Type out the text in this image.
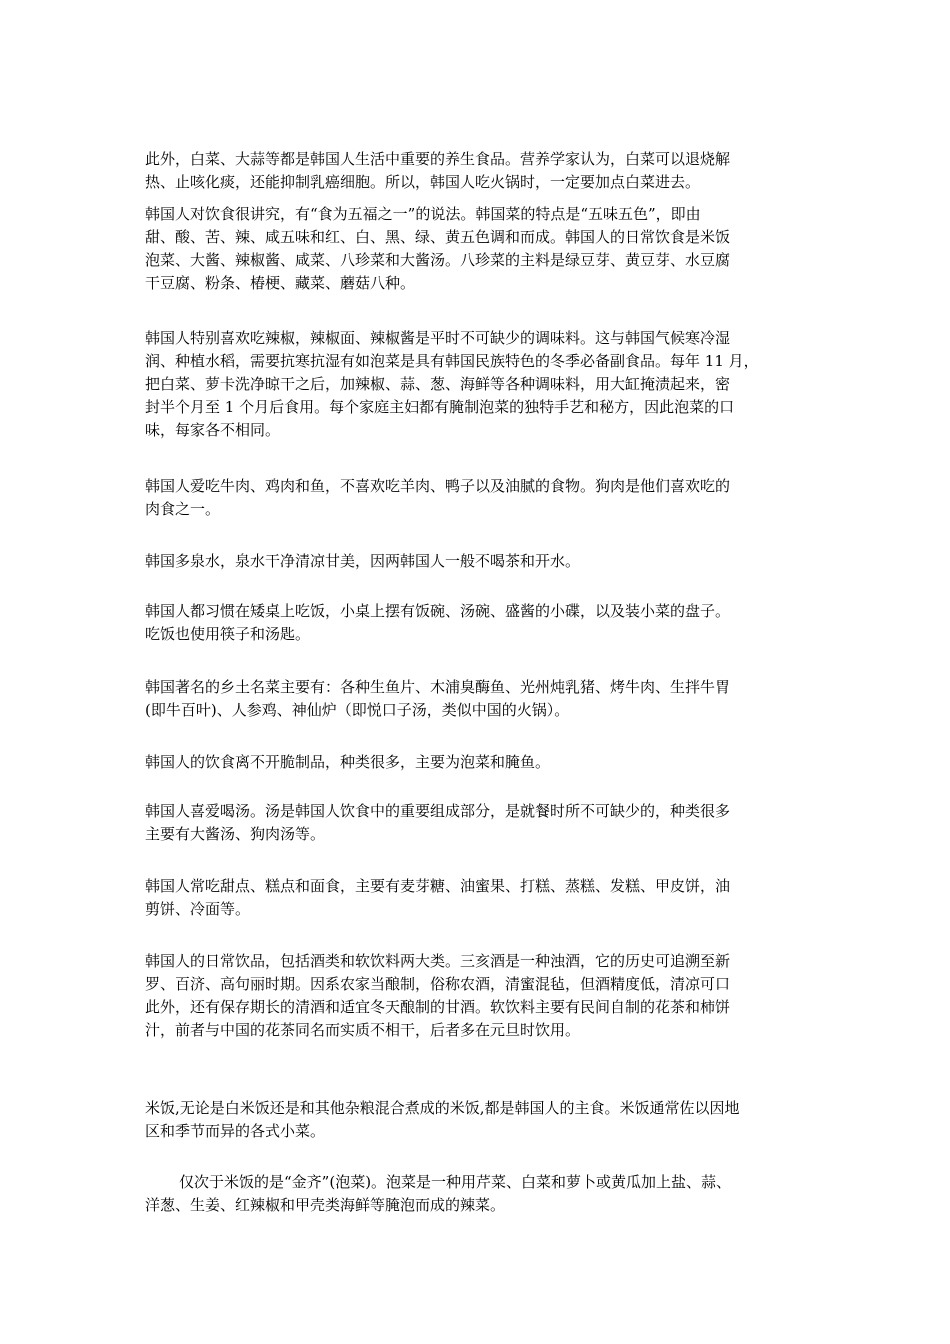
此外，白菜、大蒜等都是韩国人生活中重要的养生食品。营养学家认为，白菜可以退烧解
热、止咳化痰，还能抑制乳癌细胞。所以，韩国人吃火锅时，一定要加点白菜进去。

韩国人对饮食很讲究，有“食为五福之一”的说法。韩国菜的特点是“五味五色”，即由
甜、酸、苦、辣、咸五味和红、白、黑、绿、黄五色调和而成。韩国人的日常饮食是米饭
泡菜、大酱、辣椒酱、咸菜、八珍菜和大酱汤。八珍菜的主料是绿豆芽、黄豆芽、水豆腐
干豆腐、粉条、椿梗、藏菜、蘑菇八种。

韩国人特别喜欢吃辣椒，辣椒面、辣椒酱是平时不可缺少的调味料。这与韩国气候寒冷湿
润、种植水稻，需要抗寒抗湿有如泡菜是具有韩国民族特色的冬季必备副食品。每年 11 月，
把白菜、萝卡洗净晾干之后，加辣椒、蒜、葱、海鲜等各种调味料，用大缸掩渍起来，密
封半个月至 1 个月后食用。每个家庭主妇都有腌制泡菜的独特手艺和秘方，因此泡菜的口
味，每家各不相同。

韩国人爱吃牛肉、鸡肉和鱼，不喜欢吃羊肉、鸭子以及油腻的食物。狗肉是他们喜欢吃的
肉食之一。

韩国多泉水，泉水干净清凉甘美，因两韩国人一般不喝茶和开水。

韩国人都习惯在矮桌上吃饭，小桌上摆有饭碗、汤碗、盛酱的小碟，以及装小菜的盘子。
吃饭也使用筷子和汤匙。

韩国著名的乡土名菜主要有：各种生鱼片、木浦臭酶鱼、光州炖乳猪、烤牛肉、生拌牛胃
(即牛百叶)、人参鸡、神仙炉（即悦口子汤，类似中国的火锅）。

韩国人的饮食离不开脆制品，种类很多，主要为泡菜和腌鱼。

韩国人喜爱喝汤。汤是韩国人饮食中的重要组成部分，是就餐时所不可缺少的，种类很多
主要有大酱汤、狗肉汤等。

韩国人常吃甜点、糕点和面食，主要有麦芽糖、油蜜果、打糕、蒸糕、发糕、甲皮饼，油
剪饼、冷面等。

韩国人的日常饮品，包括酒类和软饮料两大类。三亥酒是一种浊酒，它的历史可追溯至新
罗、百济、高句丽时期。因系农家当酿制，俗称农酒，清蜜混毡，但酒精度低，清凉可口
此外，还有保存期长的清酒和适宜冬天酿制的甘酒。软饮料主要有民间自制的花茶和柿饼
汁，前者与中国的花茶同名而实质不相干，后者多在元旦时饮用。

米饭,无论是白米饭还是和其他杂粮混合煮成的米饭,都是韩国人的主食。米饭通常佐以因地
区和季节而异的各式小菜。

仅次于米饭的是“金齐”(泡菜)。泡菜是一种用芹菜、白菜和萝卜或黄瓜加上盐、蒜、
洋葱、生姜、红辣椒和甲壳类海鲜等腌泡而成的辣菜。
